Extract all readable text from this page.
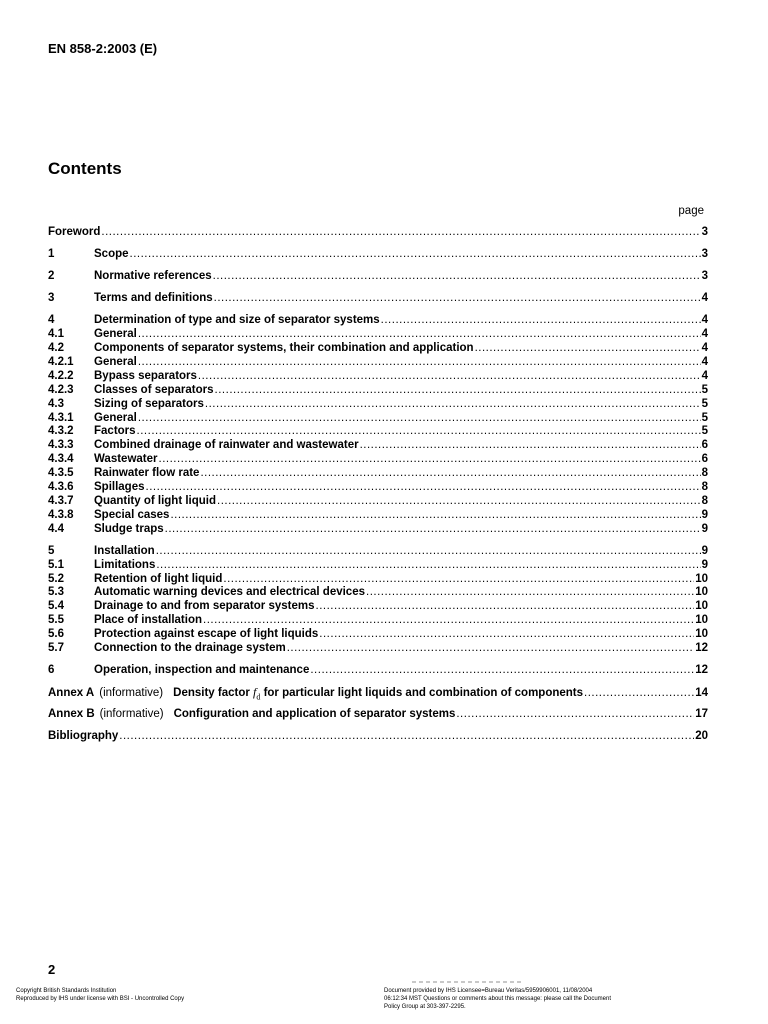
EN 858-2:2003 (E)
Contents
page
Foreword .....	3
1	Scope .....	3
2	Normative references .....	3
3	Terms and definitions .....	4
4	Determination of type and size of separator systems .....	4
4.1	General .....	4
4.2	Components of separator systems, their combination and application .....	4
4.2.1	General .....	4
4.2.2	Bypass separators .....	4
4.2.3	Classes of separators .....	5
4.3	Sizing of separators .....	5
4.3.1	General .....	5
4.3.2	Factors .....	5
4.3.3	Combined drainage of rainwater and wastewater .....	6
4.3.4	Wastewater .....	6
4.3.5	Rainwater flow rate .....	8
4.3.6	Spillages .....	8
4.3.7	Quantity of light liquid .....	8
4.3.8	Special cases .....	9
4.4	Sludge traps .....	9
5	Installation .....	9
5.1	Limitations .....	9
5.2	Retention of light liquid .....	10
5.3	Automatic warning devices and electrical devices .....	10
5.4	Drainage to and from separator systems .....	10
5.5	Place of installation .....	10
5.6	Protection against escape of light liquids .....	10
5.7	Connection to the drainage system .....	12
6	Operation, inspection and maintenance .....	12
Annex A (informative) Density factor $f_d$ for particular light liquids and combination of components .....	14
Annex B (informative) Configuration and application of separator systems .....	17
Bibliography .....	20
2
Copyright British Standards Institution
Reproduced by IHS under license with BSI - Uncontrolled Copy
Document provided by IHS Licensee=Bureau Veritas/5959906001, 11/08/2004
06:12:34 MST Questions or comments about this message: please call the Document
Policy Group at 303-397-2295.
